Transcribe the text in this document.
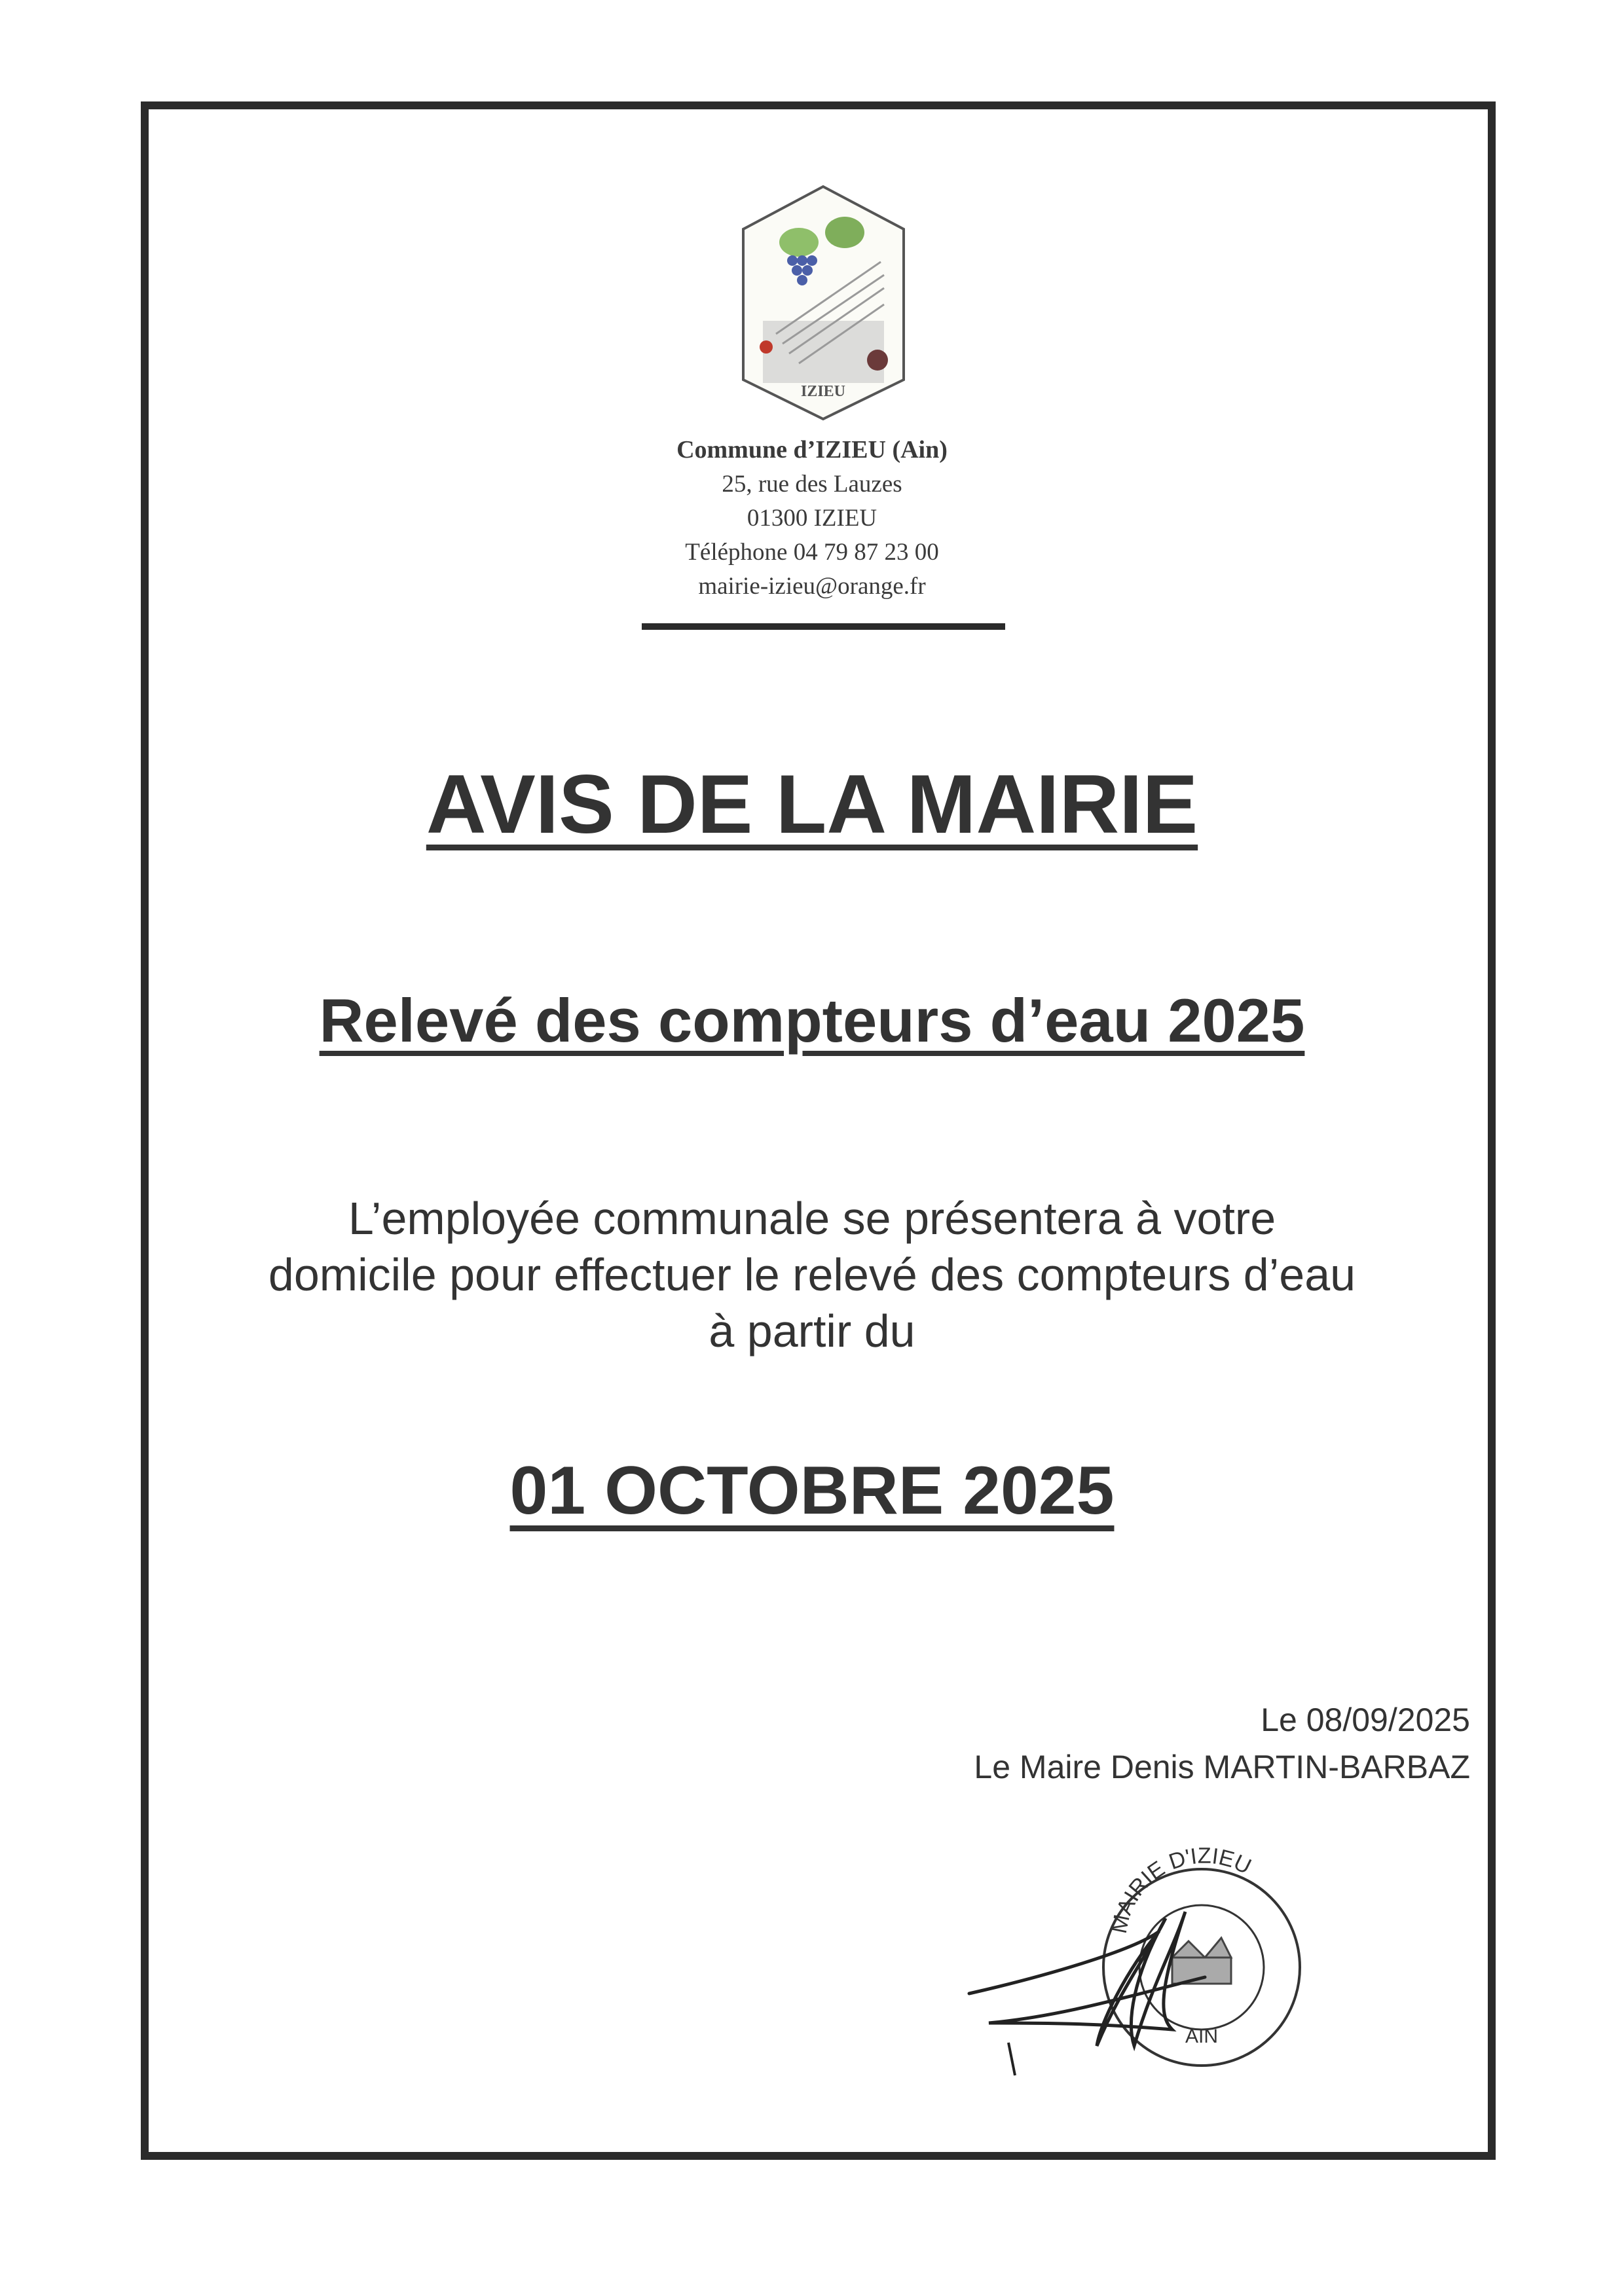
IZIEU
Commune d’IZIEU (Ain)
25, rue des Lauzes
01300 IZIEU
Téléphone 04 79 87 23 00
mairie-izieu@orange.fr
AVIS DE LA MAIRIE
Relevé des compteurs d’eau 2025
L’employée communale se présentera à votre
domicile pour effectuer le relevé des compteurs d’eau
à partir du
01 OCTOBRE 2025
Le 08/09/2025
Le Maire Denis MARTIN-BARBAZ
MAIRIE D'IZIEU
AIN
